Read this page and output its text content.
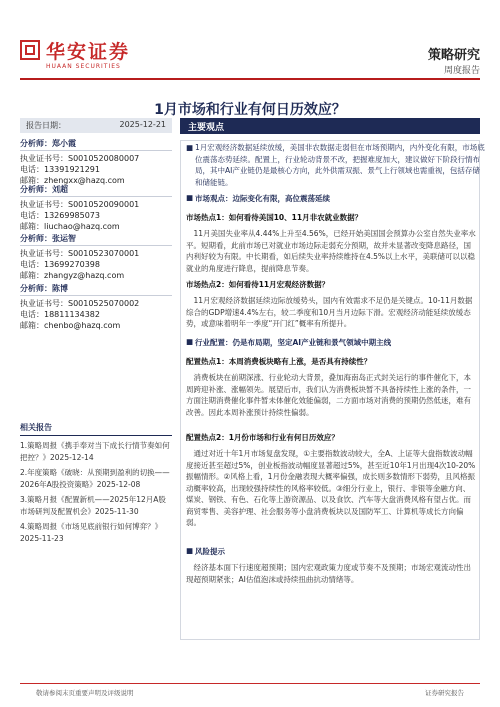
华安证券
HUAAN SECURITIES
策略研究
周度报告
1月市场和行业有何日历效应？
报告日期：	2025-12-21
分析师：郑小霞
执业证书号：S0010520080007
电话：13391921291
邮箱：zhengxx@hazq.com
分析师：刘超
执业证书号：S0010520090001
电话：13269985073
邮箱：liuchao@hazq.com
分析师：张运智
执业证书号：S0010523070001
电话：13699270398
邮箱：zhangyz@hazq.com
分析师：陈博
执业证书号：S0010525070002
电话：18811134382
邮箱：chenbo@hazq.com
相关报告
1.策略周报《携手奉对当下成长行情节奏如何把控？》2025-12-14
2.年度策略《破晓：从预期到盈利的切换——2026年A股投资策略》2025-12-08
3.策略月报《配置新机——2025年12月A股市场研判及配置机会》2025-11-30
4.策略周报《市场见底前银行如何博弈？》2025-11-23
主要观点
■ 1月宏观经济数据延续放缓，美国非农数据走弱但在市场预期内，内外变化有限，市场底位震荡态势延续。配置上，行业轮动背景不改，把握难度加大，建议做好下阶段行情布局，其中AI产业链仍是最核心方向，此外供需双振、景气上行领域也需重视，包括存储和储能链。
■ 市场观点：边际变化有限，高位震荡延续
市场热点1：如何看待美国10、11月非农就业数据？
11月美国失业率从4.44%上升至4.56%，已经开始美国国会预算办公室自然失业率水平。短期看，此前市场已对就业市场边际走弱充分预期，故并未显著改变降息路径，国内利好较为有限。中长期看，如后续失业率持续维持在4.5%以上水平，美联储可以以稳就业的角度进行降息，提前降息节奏。
市场热点2：如何看待11月宏观经济数据？
11月宏观经济数据延续边际放缓势头，国内有效需求不足仍是关键点。10-11月数据综合的GDP增速4.4%左右，较二季度和10月当月边际下滑。宏观经济动能延续放缓态势，或意味着明年一季度“开门红”概率有所提升。
■ 行业配置：仍是布局期，坚定AI产业链和景气领域中期主线
配置热点1：本周消费板块略有上涨，是否具有持续性？
消费板块在前期深涨、行业轮动大背景，叠加海南岛正式封关运行的事件催化下，本周跨迎补涨、涨幅领先。展望后市，我们认为消费板块暂不具备持续性上涨的条件，一方面注期消费催化事件暂未体催化效能偏弱，二方面市场对消费的预期仍然低迷，难有改善。因此本周补涨预计持续性偏弱。
配置热点2：1月份市场和行业有何日历效应？
通过对近十年1月市场复盘发现，①主要指数波动较大，全A、上证等大盘指数波动幅度接近甚至超过5%，创业板指波动幅度显著超过5%，甚至近10年1月出现4次10-20%振幅情形。②风格上看，1月份金融表现大概率偏强，成长则多数情形下弱势，且风格振动概率较高，出现较强持续性的风格率较低。③细分行业上，银行、非银等金融方向、煤炭、钢铁、有色、石化等上游资源品、以及食饮、汽车等大盘消费风格有望占优。而商贸零售、美容护理、社会服务等小盘消费板块以及国防军工、计算机等成长方向偏弱。
■ 风险提示
经济基本面下行速度超预期；国内宏观政策力度或节奏不及预期；市场宏观流动性出现超预期紧张；AI估值泡沫或持续扭曲抗动情绪等。
敬请参阅末页重要声明及评级说明	证券研究报告
